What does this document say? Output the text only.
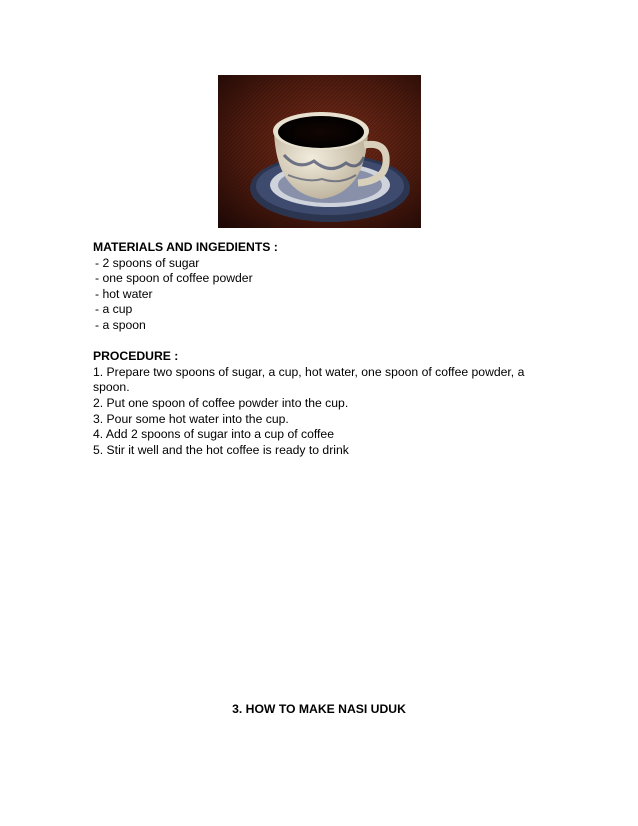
MATERIALS AND INGEDIENTS :

- 2 spoons of sugar
- one spoon of coffee powder
- hot water
- a cup
- a spoon

PROCEDURE :

1. Prepare two spoons of sugar, a cup, hot water, one spoon of coffee powder, a spoon.
2. Put one spoon of coffee powder into the cup.
3. Pour some hot water into the cup.
4. Add 2 spoons of sugar into a cup of coffee
5. Stir it well and the hot coffee is ready to drink
3. HOW TO MAKE NASI UDUK
